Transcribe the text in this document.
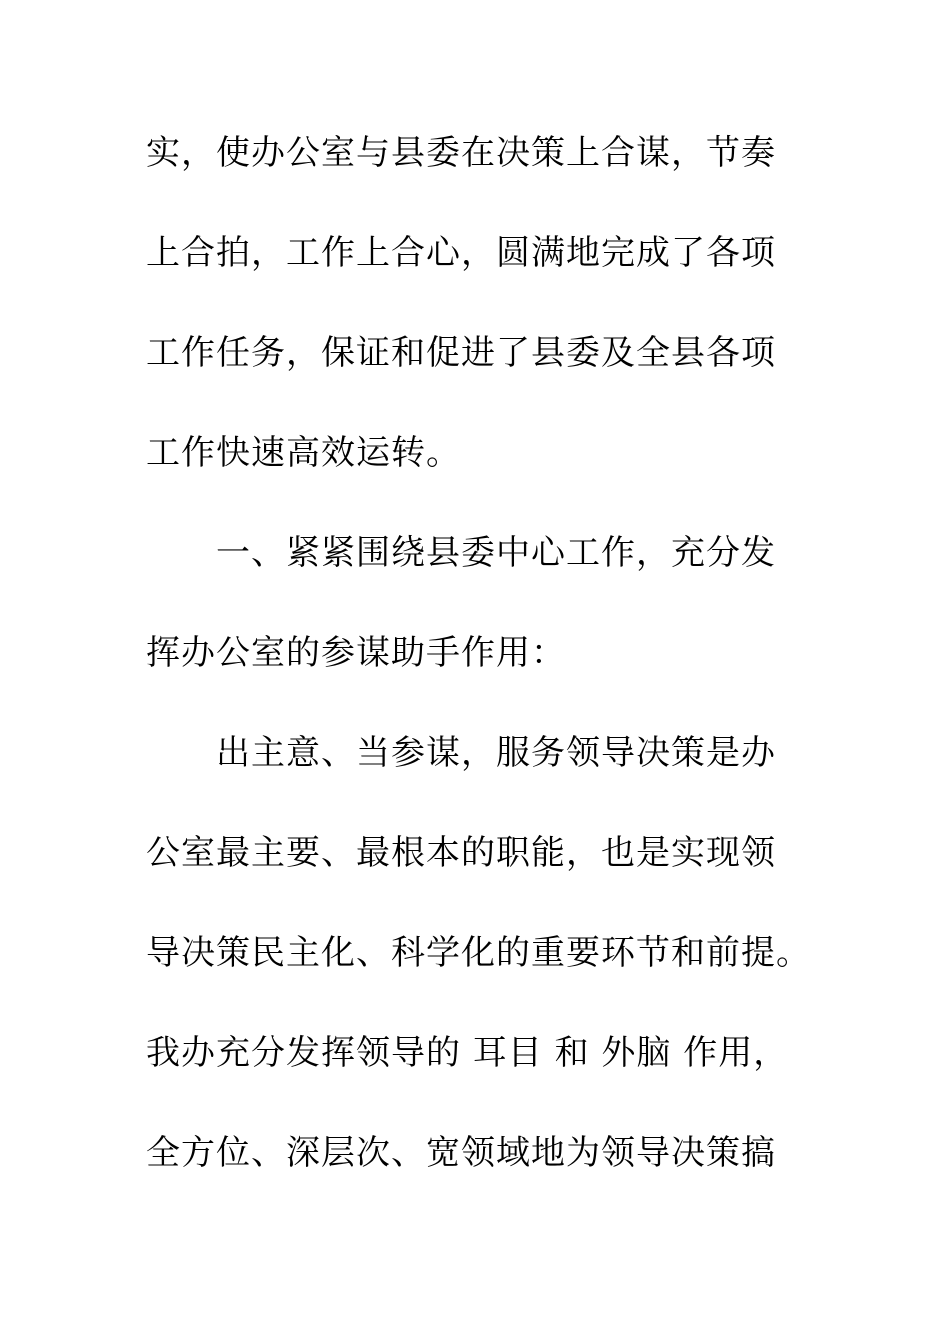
实，使办公室与县委在决策上合谋，节奏
上合拍，工作上合心，圆满地完成了各项
工作任务，保证和促进了县委及全县各项
工作快速高效运转。
一、紧紧围绕县委中心工作，充分发
挥办公室的参谋助手作用：
出主意、当参谋，服务领导决策是办
公室最主要、最根本的职能，也是实现领
导决策民主化、科学化的重要环节和前提。
我办充分发挥领导的 耳目 和 外脑 作用，
全方位、深层次、宽领域地为领导决策搞
